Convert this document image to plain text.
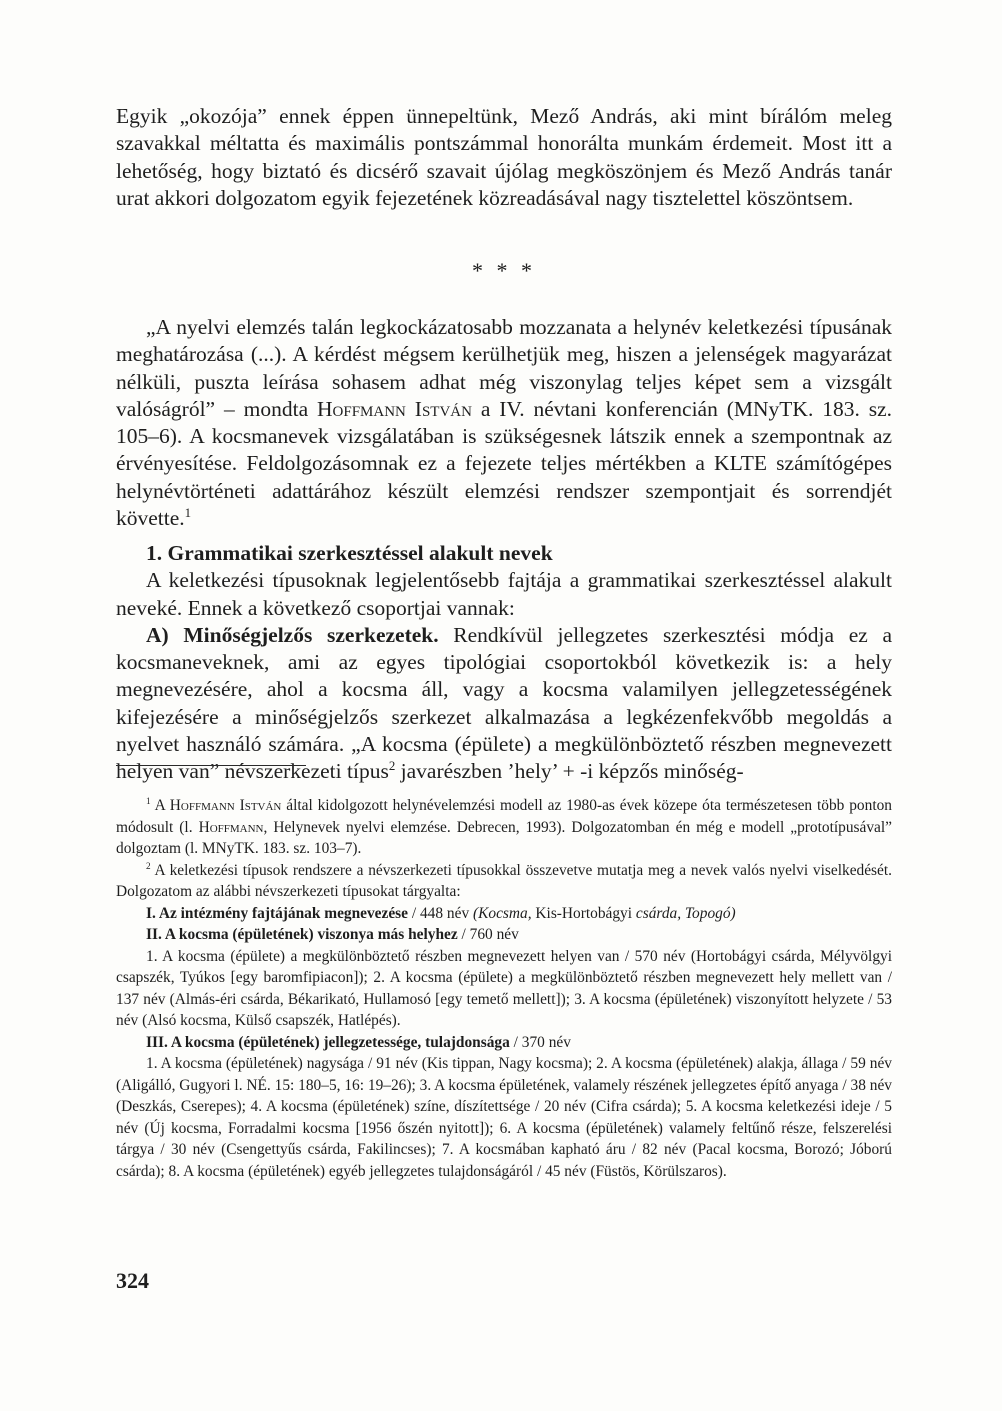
Egyik „okozója” ennek éppen ünnepeltünk, Mező András, aki mint bírálóm meleg szavakkal méltatta és maximális pontszámmal honorálta munkám érdemeit. Most itt a lehetőség, hogy biztató és dicsérő szavait újólag megköszönjem és Mező András tanár urat akkori dolgozatom egyik fejezetének közreadásával nagy tisztelettel köszöntsem.

* * *

„A nyelvi elemzés talán legkockázatosabb mozzanata a helynév keletkezési típusának meghatározása (...). A kérdést mégsem kerülhetjük meg, hiszen a jelenségek magyarázat nélküli, puszta leírása sohasem adhat még viszonylag teljes képet sem a vizsgált valóságról” – mondta Hoffmann István a IV. névtani konferencián (MNyTK. 183. sz. 105–6). A kocsmanevek vizsgálatában is szükségesnek látszik ennek a szempontnak az érvényesítése. Feldolgozásomnak ez a fejezete teljes mértékben a KLTE számítógépes helynévtörténeti adattárához készült elemzési rendszer szempontjait és sorrendjét követte.$^1$

1. Grammatikai szerkesztéssel alakult nevek

A keletkezési típusoknak legjelentősebb fajtája a grammatikai szerkesztéssel alakult neveké. Ennek a következő csoportjai vannak:

A) Minőségjelzős szerkezetek. Rendkívül jellegzetes szerkesztési módja ez a kocsmaneveknek, ami az egyes tipológiai csoportokból következik is: a hely megnevezésére, ahol a kocsma áll, vagy a kocsma valamilyen jellegzetességének kifejezésére a minőségjelzős szerkezet alkalmazása a legkézenfekvőbb megoldás a nyelvet használó számára. „A kocsma (épülete) a megkülönböztető részben megnevezett helyen van” névszerkezeti típus$^2$ javarészben ’hely’ + -i képzős minőség-

$^1$ A Hoffmann István által kidolgozott helynévelemzési modell az 1980-as évek közepe óta természetesen több ponton módosult (l. Hoffmann, Helynevek nyelvi elemzése. Debrecen, 1993). Dolgozatomban én még e modell „prototípusával” dolgoztam (l. MNyTK. 183. sz. 103–7).

$^2$ A keletkezési típusok rendszere a névszerkezeti típusokkal összevetve mutatja meg a nevek valós nyelvi viselkedését. Dolgozatom az alábbi névszerkezeti típusokat tárgyalta:

I. Az intézmény fajtájának megnevezése / 448 név (Kocsma, Kis-Hortobágyi csárda, Topogó)

II. A kocsma (épületének) viszonya más helyhez / 760 név

1. A kocsma (épülete) a megkülönböztető részben megnevezett helyen van / 570 név (Hortobágyi csárda, Mélyvölgyi csapszék, Tyúkos [egy baromfipiacon]); 2. A kocsma (épülete) a megkülönböztető részben megnevezett hely mellett van / 137 név (Almás-éri csárda, Békarikató, Hullamosó [egy temető mellett]); 3. A kocsma (épületének) viszonyított helyzete / 53 név (Alsó kocsma, Külső csapszék, Hatlépés).

III. A kocsma (épületének) jellegzetessége, tulajdonsága / 370 név

1. A kocsma (épületének) nagysága / 91 név (Kis tippan, Nagy kocsma); 2. A kocsma (épületének) alakja, állaga / 59 név (Aligálló, Gugyori l. NÉ. 15: 180–5, 16: 19–26); 3. A kocsma épületének, valamely részének jellegzetes építő anyaga / 38 név (Deszkás, Cserepes); 4. A kocsma (épületének) színe, díszítettsége / 20 név (Cifra csárda); 5. A kocsma keletkezési ideje / 5 név (Új kocsma, Forradalmi kocsma [1956 őszén nyitott]); 6. A kocsma (épületének) valamely feltűnő része, felszerelési tárgya / 30 név (Csengettyűs csárda, Fakilincses); 7. A kocsmában kapható áru / 82 név (Pacal kocsma, Borozó; Jóború csárda); 8. A kocsma (épületének) egyéb jellegzetes tulajdonságáról / 45 név (Füstös, Körülszaros).

324
